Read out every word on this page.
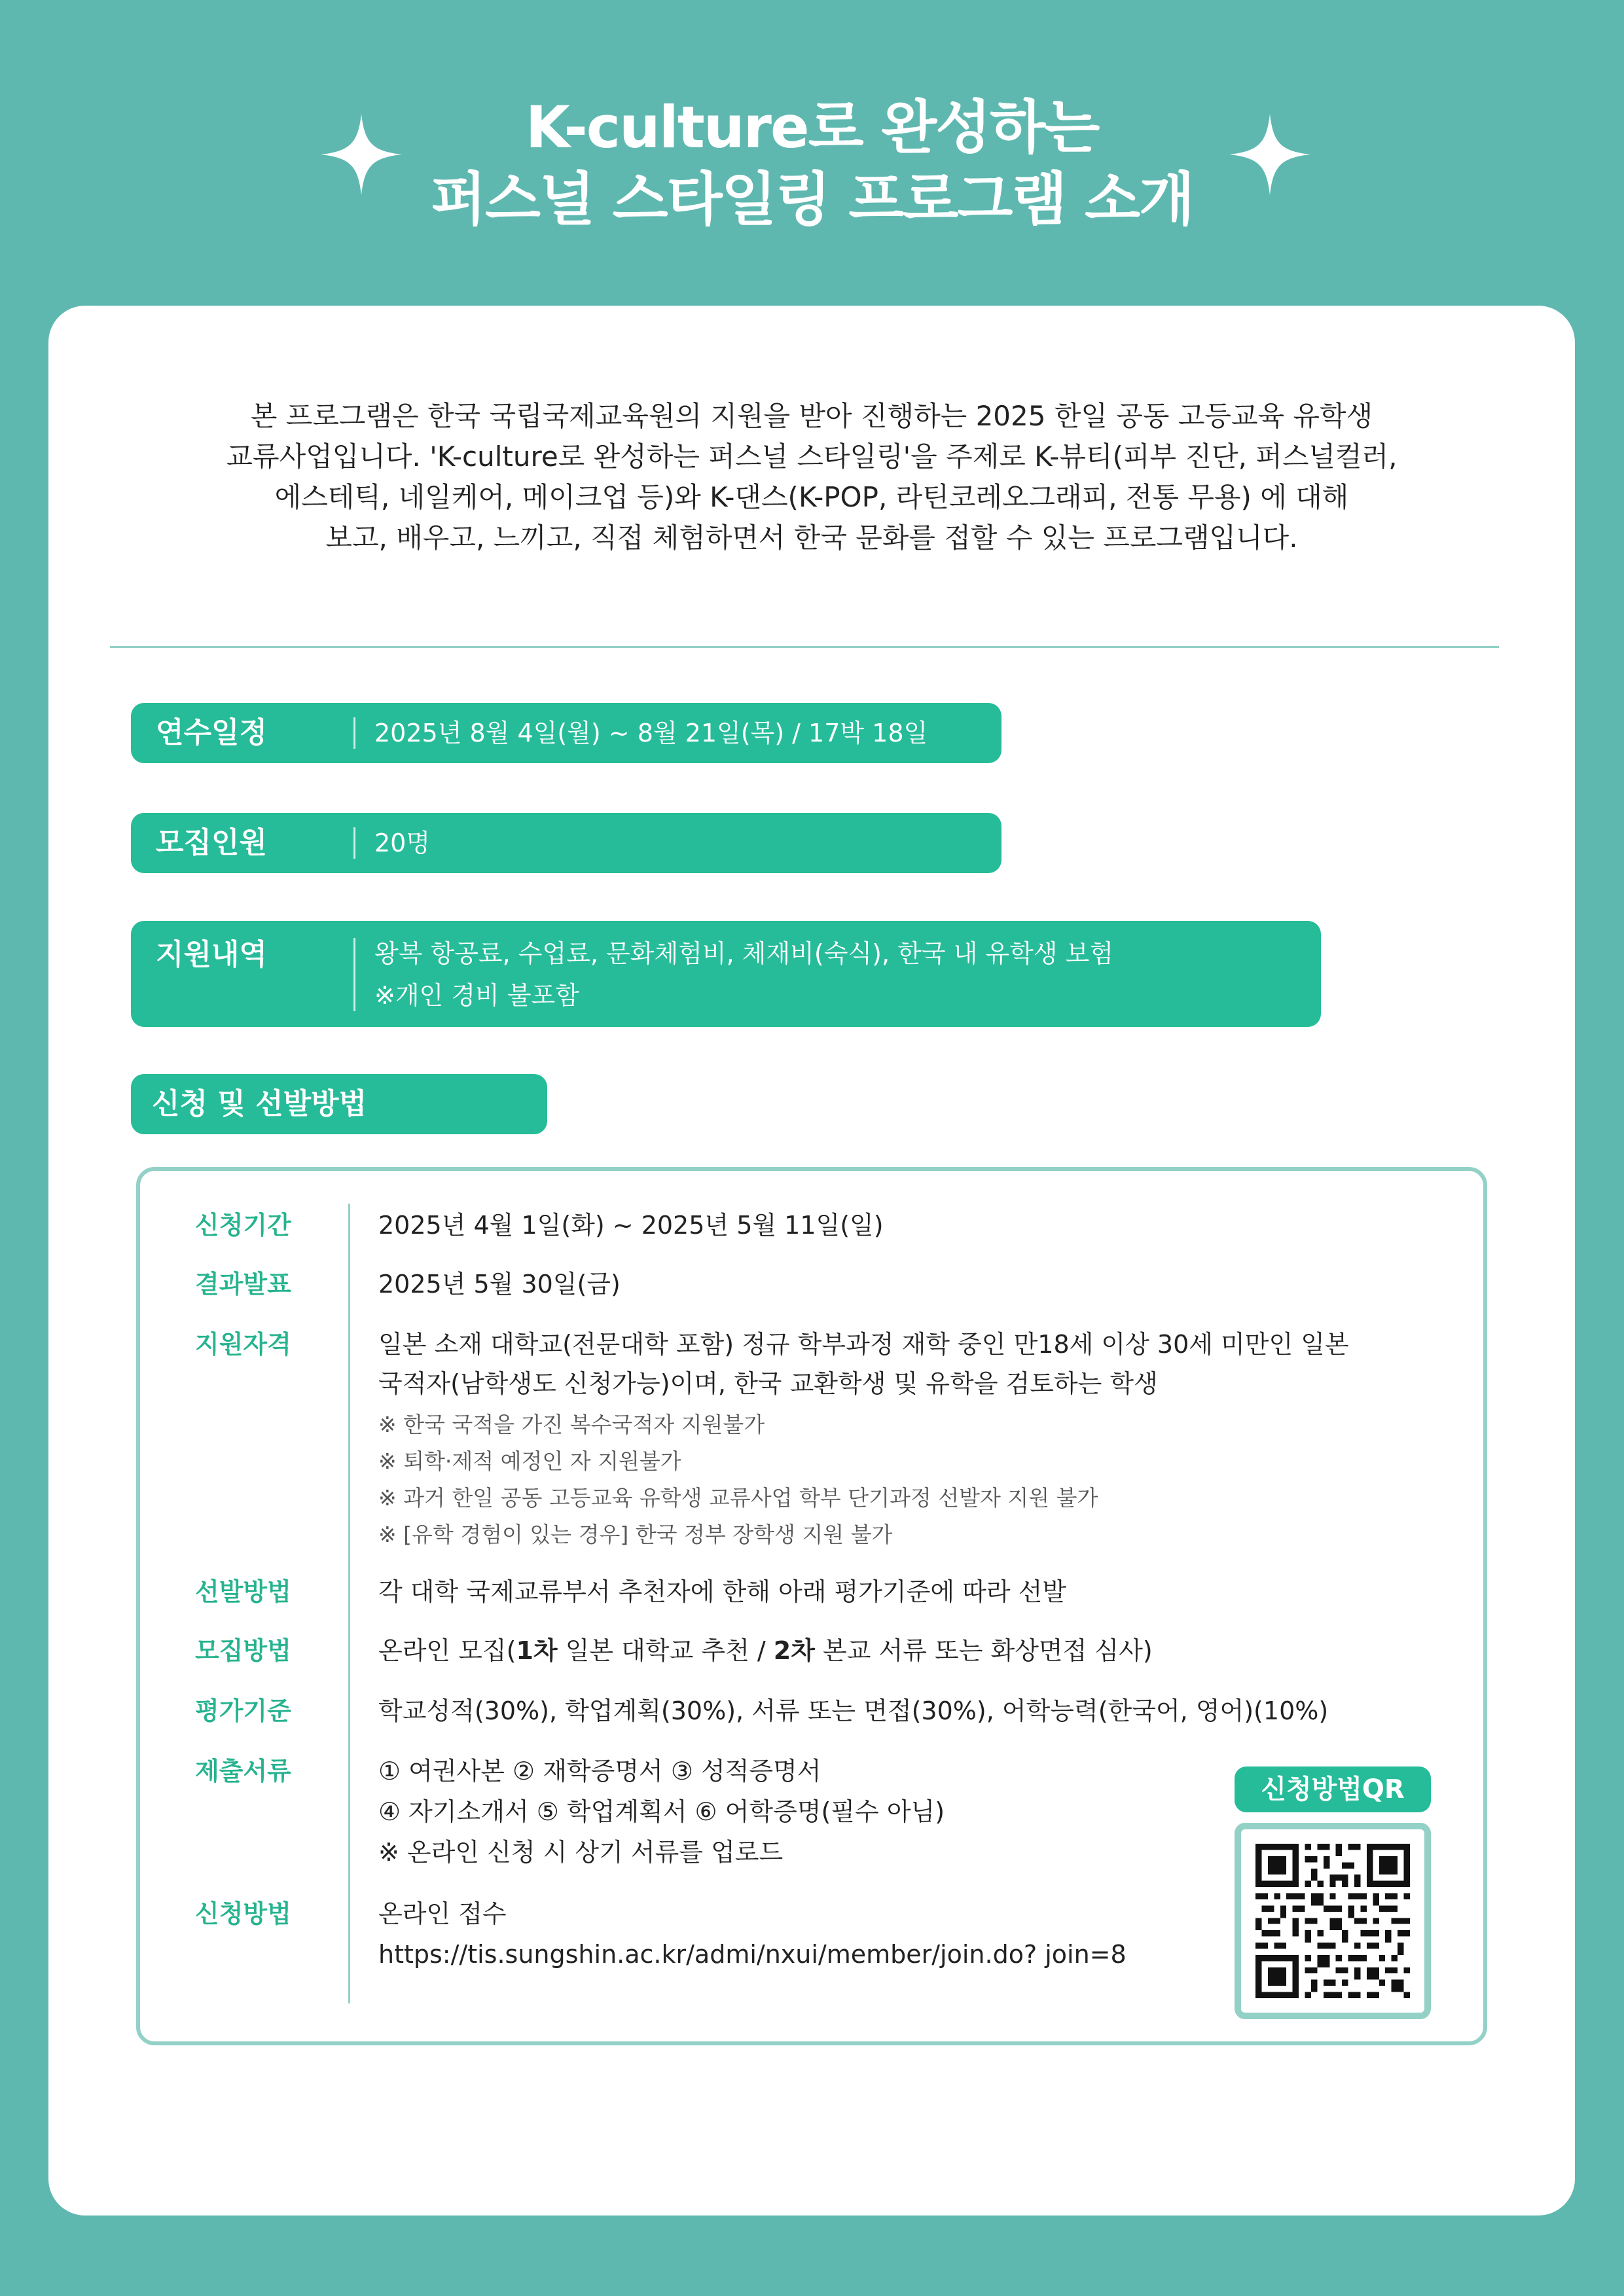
K-culture로 완성하는
퍼스널 스타일링 프로그램 소개
본 프로그램은 한국 국립국제교육원의 지원을 받아 진행하는 2025 한일 공동 고등교육 유학생
교류사업입니다. 'K-culture로 완성하는 퍼스널 스타일링'을 주제로 K-뷰티(피부 진단, 퍼스널컬러,
에스테틱, 네일케어, 메이크업 등)와 K-댄스(K-POP, 라틴코레오그래피, 전통 무용) 에 대해
보고, 배우고, 느끼고, 직접 체험하면서 한국 문화를 접할 수 있는 프로그램입니다.
연수일정	2025년 8월 4일(월) ~ 8월 21일(목) / 17박 18일
모집인원	20명
지원내역	왕복 항공료, 수업료, 문화체험비, 체재비(숙식), 한국 내 유학생 보험
※개인 경비 불포함
신청 및 선발방법
신청기간	2025년 4월 1일(화) ~ 2025년 5월 11일(일)
결과발표	2025년 5월 30일(금)
지원자격	일본 소재 대학교(전문대학 포함) 정규 학부과정 재학 중인 만18세 이상 30세 미만인 일본
국적자(남학생도 신청가능)이며, 한국 교환학생 및 유학을 검토하는 학생
※ 한국 국적을 가진 복수국적자 지원불가
※ 퇴학·제적 예정인 자 지원불가
※ 과거 한일 공동 고등교육 유학생 교류사업 학부 단기과정 선발자 지원 불가
※ [유학 경험이 있는 경우] 한국 정부 장학생 지원 불가
선발방법	각 대학 국제교류부서 추천자에 한해 아래 평가기준에 따라 선발
모집방법	온라인 모집(1차 일본 대학교 추천 / 2차 본교 서류 또는 화상면접 심사)
평가기준	학교성적(30%), 학업계획(30%), 서류 또는 면접(30%), 어학능력(한국어, 영어)(10%)
제출서류	① 여권사본 ② 재학증명서 ③ 성적증명서
④ 자기소개서 ⑤ 학업계획서 ⑥ 어학증명(필수 아님)
※ 온라인 신청 시 상기 서류를 업로드
신청방법	온라인 접수
https://tis.sungshin.ac.kr/admi/nxui/member/join.do? join=8
신청방법QR
